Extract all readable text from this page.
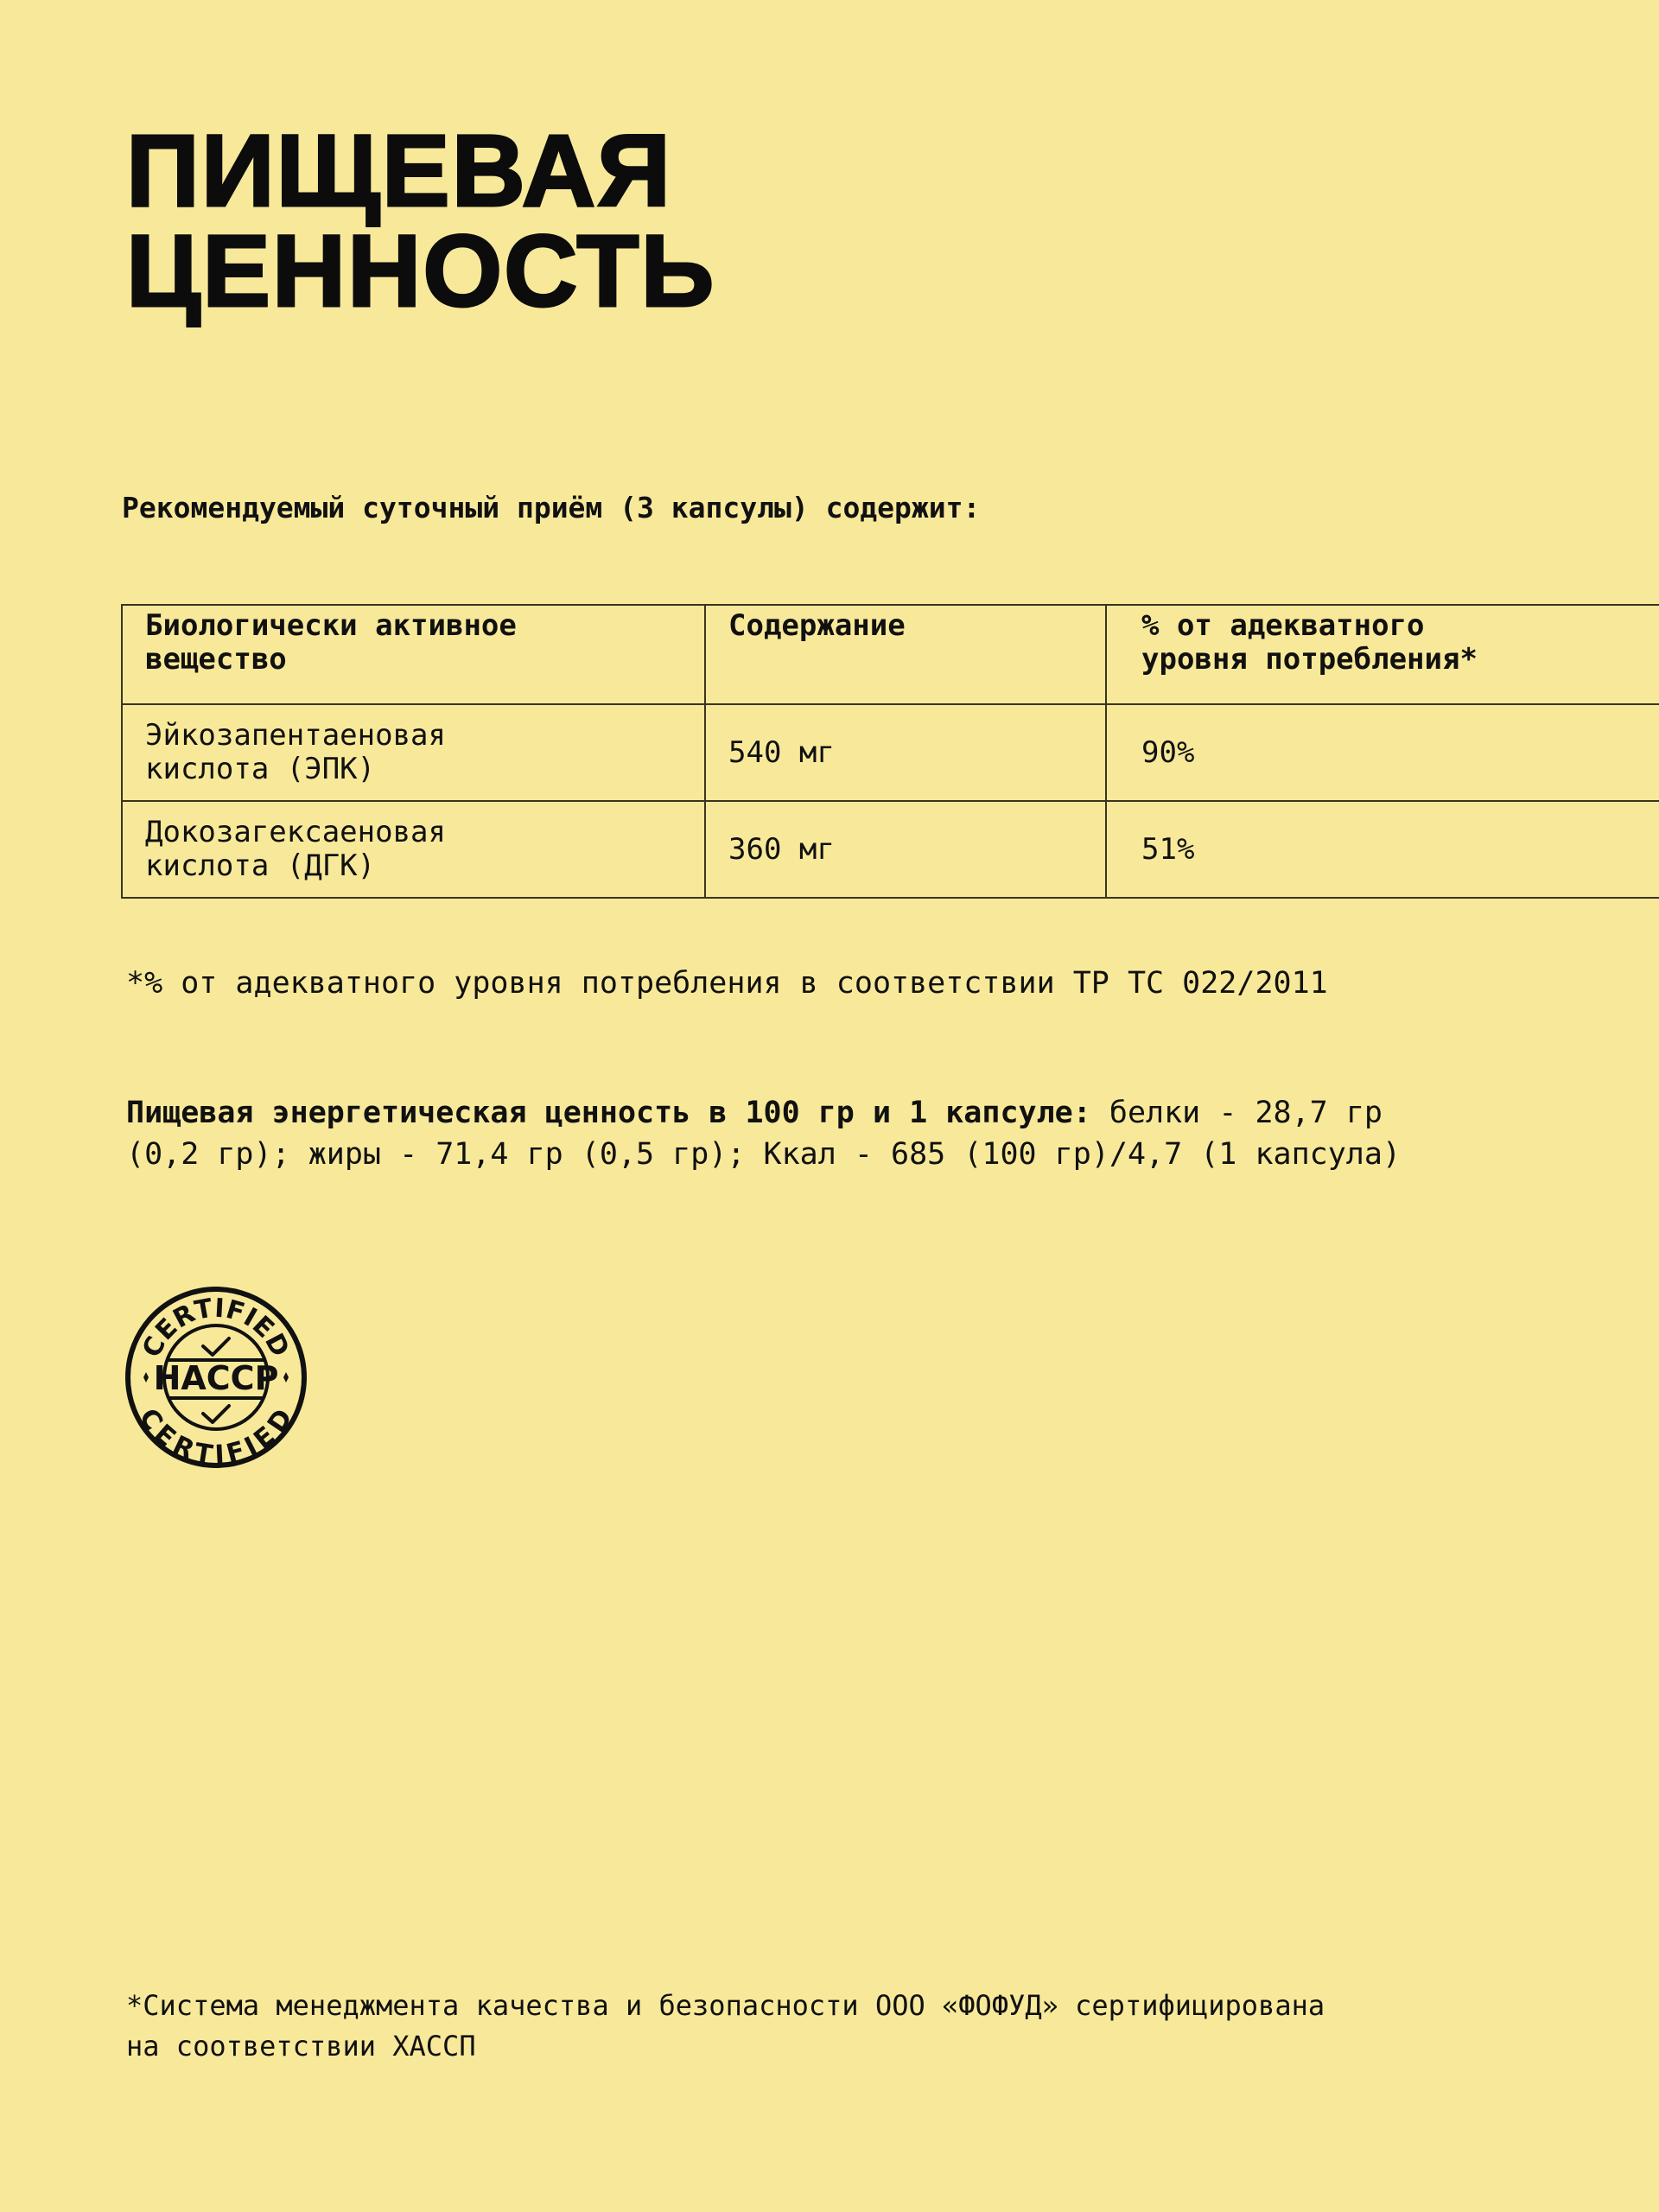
ПИЩЕВАЯ
ЦЕННОСТЬ
Рекомендуемый суточный приём (3 капсулы) содержит:
Биологически активное
вещество	Содержание	% от адекватного
уровня потребления*
Эйкозапентаеновая
кислота (ЭПК)	540 мг	90%
Докозагексаеновая
кислота (ДГК)	360 мг	51%
*% от адекватного уровня потребления в соответствии ТР ТС 022/2011
Пищевая энергетическая ценность в 100 гр и 1 капсуле: белки - 28,7 гр
(0,2 гр); жиры - 71,4 гр (0,5 гр); Ккал - 685 (100 гр)/4,7 (1 капсула)
CERTIFIED
CERTIFIED
HACCP
*Система менеджмента качества и безопасности ООО «ФОФУД» сертифицирована
на соответствии ХАССП
